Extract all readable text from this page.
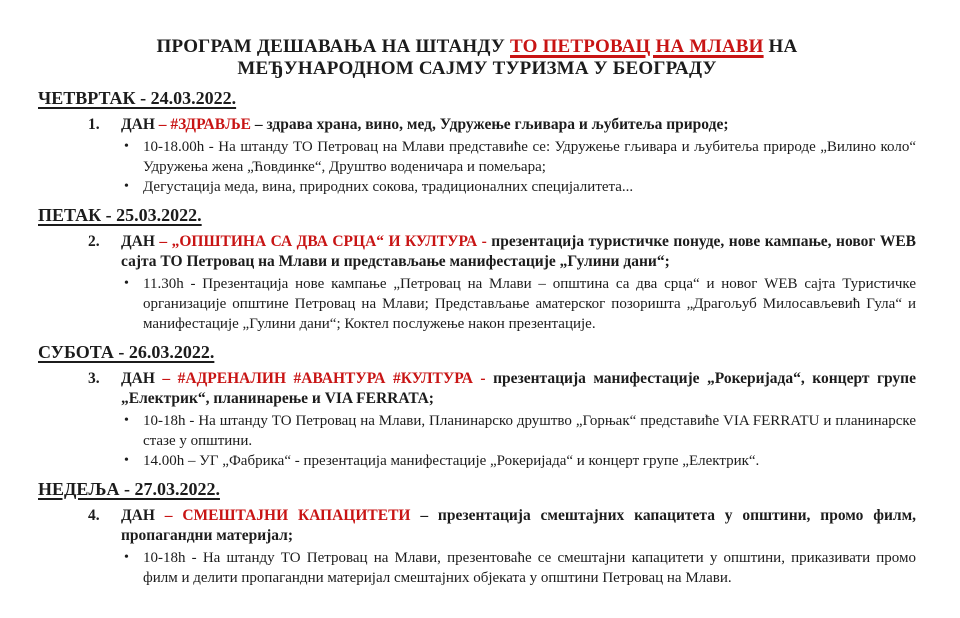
ПРОГРАМ ДЕШАВАЊА НА ШТАНДУ ТО ПЕТРОВАЦ НА МЛАВИ НА МЕЂУНАРОДНОМ САЈМУ ТУРИЗМА У БЕОГРАДУ
ЧЕТВРТАК - 24.03.2022.
1. ДАН – #ЗДРАВЉЕ – здрава храна, вино, мед, Удружење гљивара и љубитеља природе;
• 10-18.00h - На штанду ТО Петровац на Млави представиће се: Удружење гљивара и љубитеља природе „Вилино коло“ Удружења жена „Ћовдинке“, Друштво воденичара и помељара;
• Дегустација меда, вина, природних сокова, традиционалних специјалитета...
ПЕТАК - 25.03.2022.
2. ДАН – „ОПШТИНА СА ДВА СРЦА“ И КУЛТУРА - презентација туристичке понуде, нове кампање, новог WEB сајта ТО Петровац на Млави и представљање манифестације „Гулини дани“;
• 11.30h - Презентација нове кампање „Петровац на Млави – општина са два срца“ и новог WEB сајта Туристичке организације општине Петровац на Млави; Представљање аматерског позоришта „Драгољуб Милосављевић Гула“ и манифестације „Гулини дани“; Коктел послужење након презентације.
СУБОТА - 26.03.2022.
3. ДАН – #АДРЕНАЛИН #АВАНТУРА #КУЛТУРА - презентација манифестације „Рокеријада“, концерт групе „Електрик“, планинарење и VIA FERRATA;
• 10-18h - На штанду ТО Петровац на Млави, Планинарско друштво „Горњак“ представиће VIA FERRATU и планинарске стазе у општини.
• 14.00h – УГ „Фабрика“ - презентација манифестације „Рокеријада“ и концерт групе „Електрик“.
НЕДЕЉА - 27.03.2022.
4. ДАН – СМЕШТАЈНИ КАПАЦИТЕТИ – презентација смештајних капацитета у општини, промо филм, пропагандни материјал;
• 10-18h - На штанду ТО Петровац на Млави, презентоваће се смештајни капацитети у општини, приказивати промо филм и делити пропагандни материјал смештајних објеката у општини Петровац на Млави.
